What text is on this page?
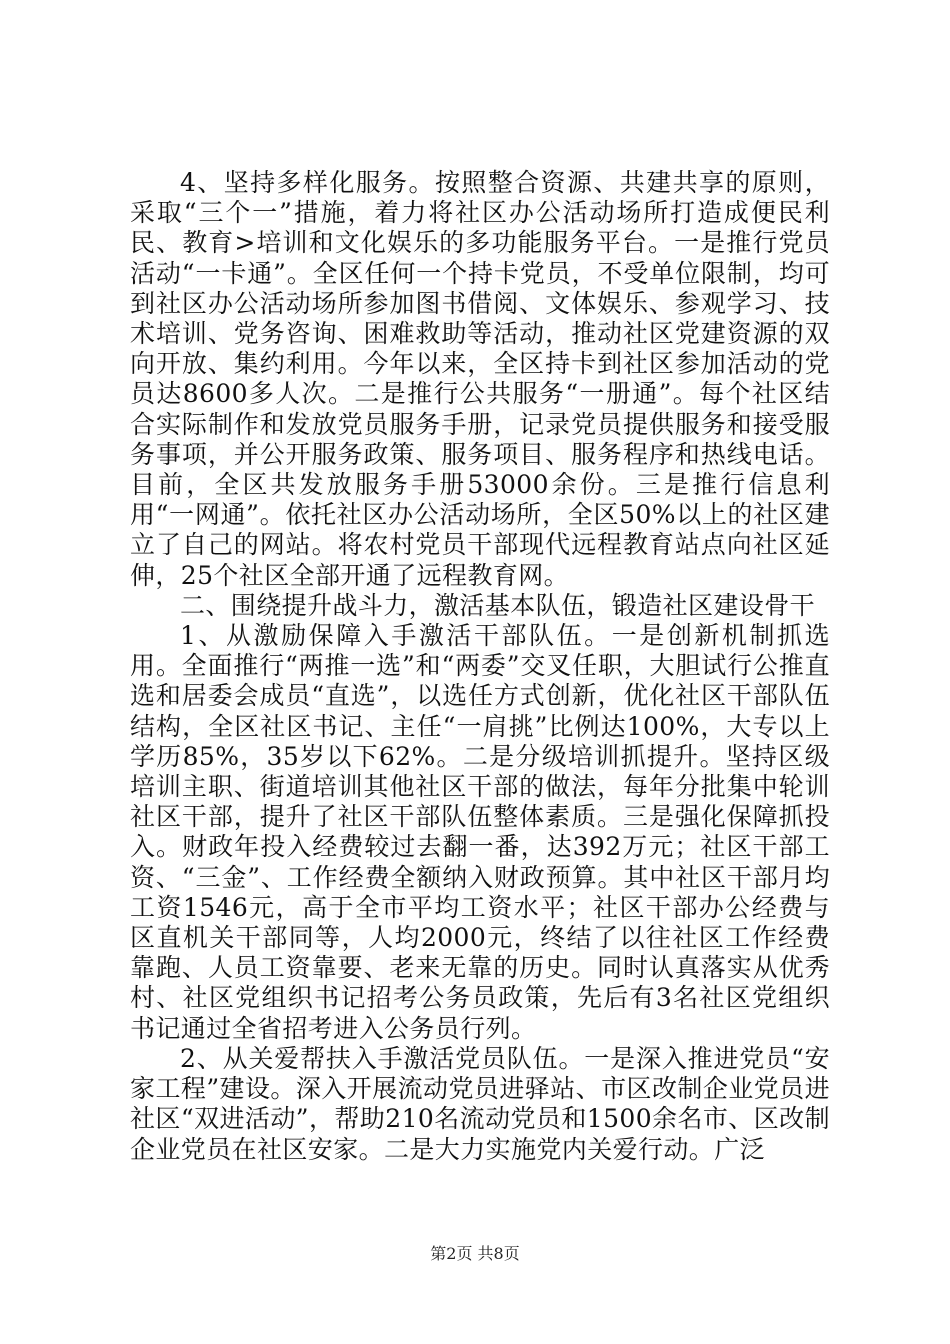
4、坚持多样化服务。按照整合资源、共建共享的原则，采取“三个一”措施，着力将社区办公活动场所打造成便民利民、教育>培训和文化娱乐的多功能服务平台。一是推行党员活动“一卡通”。全区任何一个持卡党员，不受单位限制，均可到社区办公活动场所参加图书借阅、文体娱乐、参观学习、技术培训、党务咨询、困难救助等活动，推动社区党建资源的双向开放、集约利用。今年以来，全区持卡到社区参加活动的党员达8600多人次。二是推行公共服务“一册通”。每个社区结合实际制作和发放党员服务手册，记录党员提供服务和接受服务事项，并公开服务政策、服务项目、服务程序和热线电话。目前，全区共发放服务手册53000余份。三是推行信息利用“一网通”。依托社区办公活动场所，全区50%以上的社区建立了自己的网站。将农村党员干部现代远程教育站点向社区延伸，25个社区全部开通了远程教育网。

二、围绕提升战斗力，激活基本队伍，锻造社区建设骨干

1、从激励保障入手激活干部队伍。一是创新机制抓选用。全面推行“两推一选”和“两委”交叉任职，大胆试行公推直选和居委会成员“直选”，以选任方式创新，优化社区干部队伍结构，全区社区书记、主任“一肩挑”比例达100%，大专以上学历85%，35岁以下62%。二是分级培训抓提升。坚持区级培训主职、街道培训其他社区干部的做法，每年分批集中轮训社区干部，提升了社区干部队伍整体素质。三是强化保障抓投入。财政年投入经费较过去翻一番，达392万元；社区干部工资、“三金”、工作经费全额纳入财政预算。其中社区干部月均工资1546元，高于全市平均工资水平；社区干部办公经费与区直机关干部同等，人均2000元，终结了以往社区工作经费靠跑、人员工资靠要、老来无靠的历史。同时认真落实从优秀村、社区党组织书记招考公务员政策，先后有3名社区党组织书记通过全省招考进入公务员行列。

2、从关爱帮扶入手激活党员队伍。一是深入推进党员“安家工程”建设。深入开展流动党员进驿站、市区改制企业党员进社区“双进活动”，帮助210名流动党员和1500余名市、区改制企业党员在社区安家。二是大力实施党内关爱行动。广泛

第2页 共8页
